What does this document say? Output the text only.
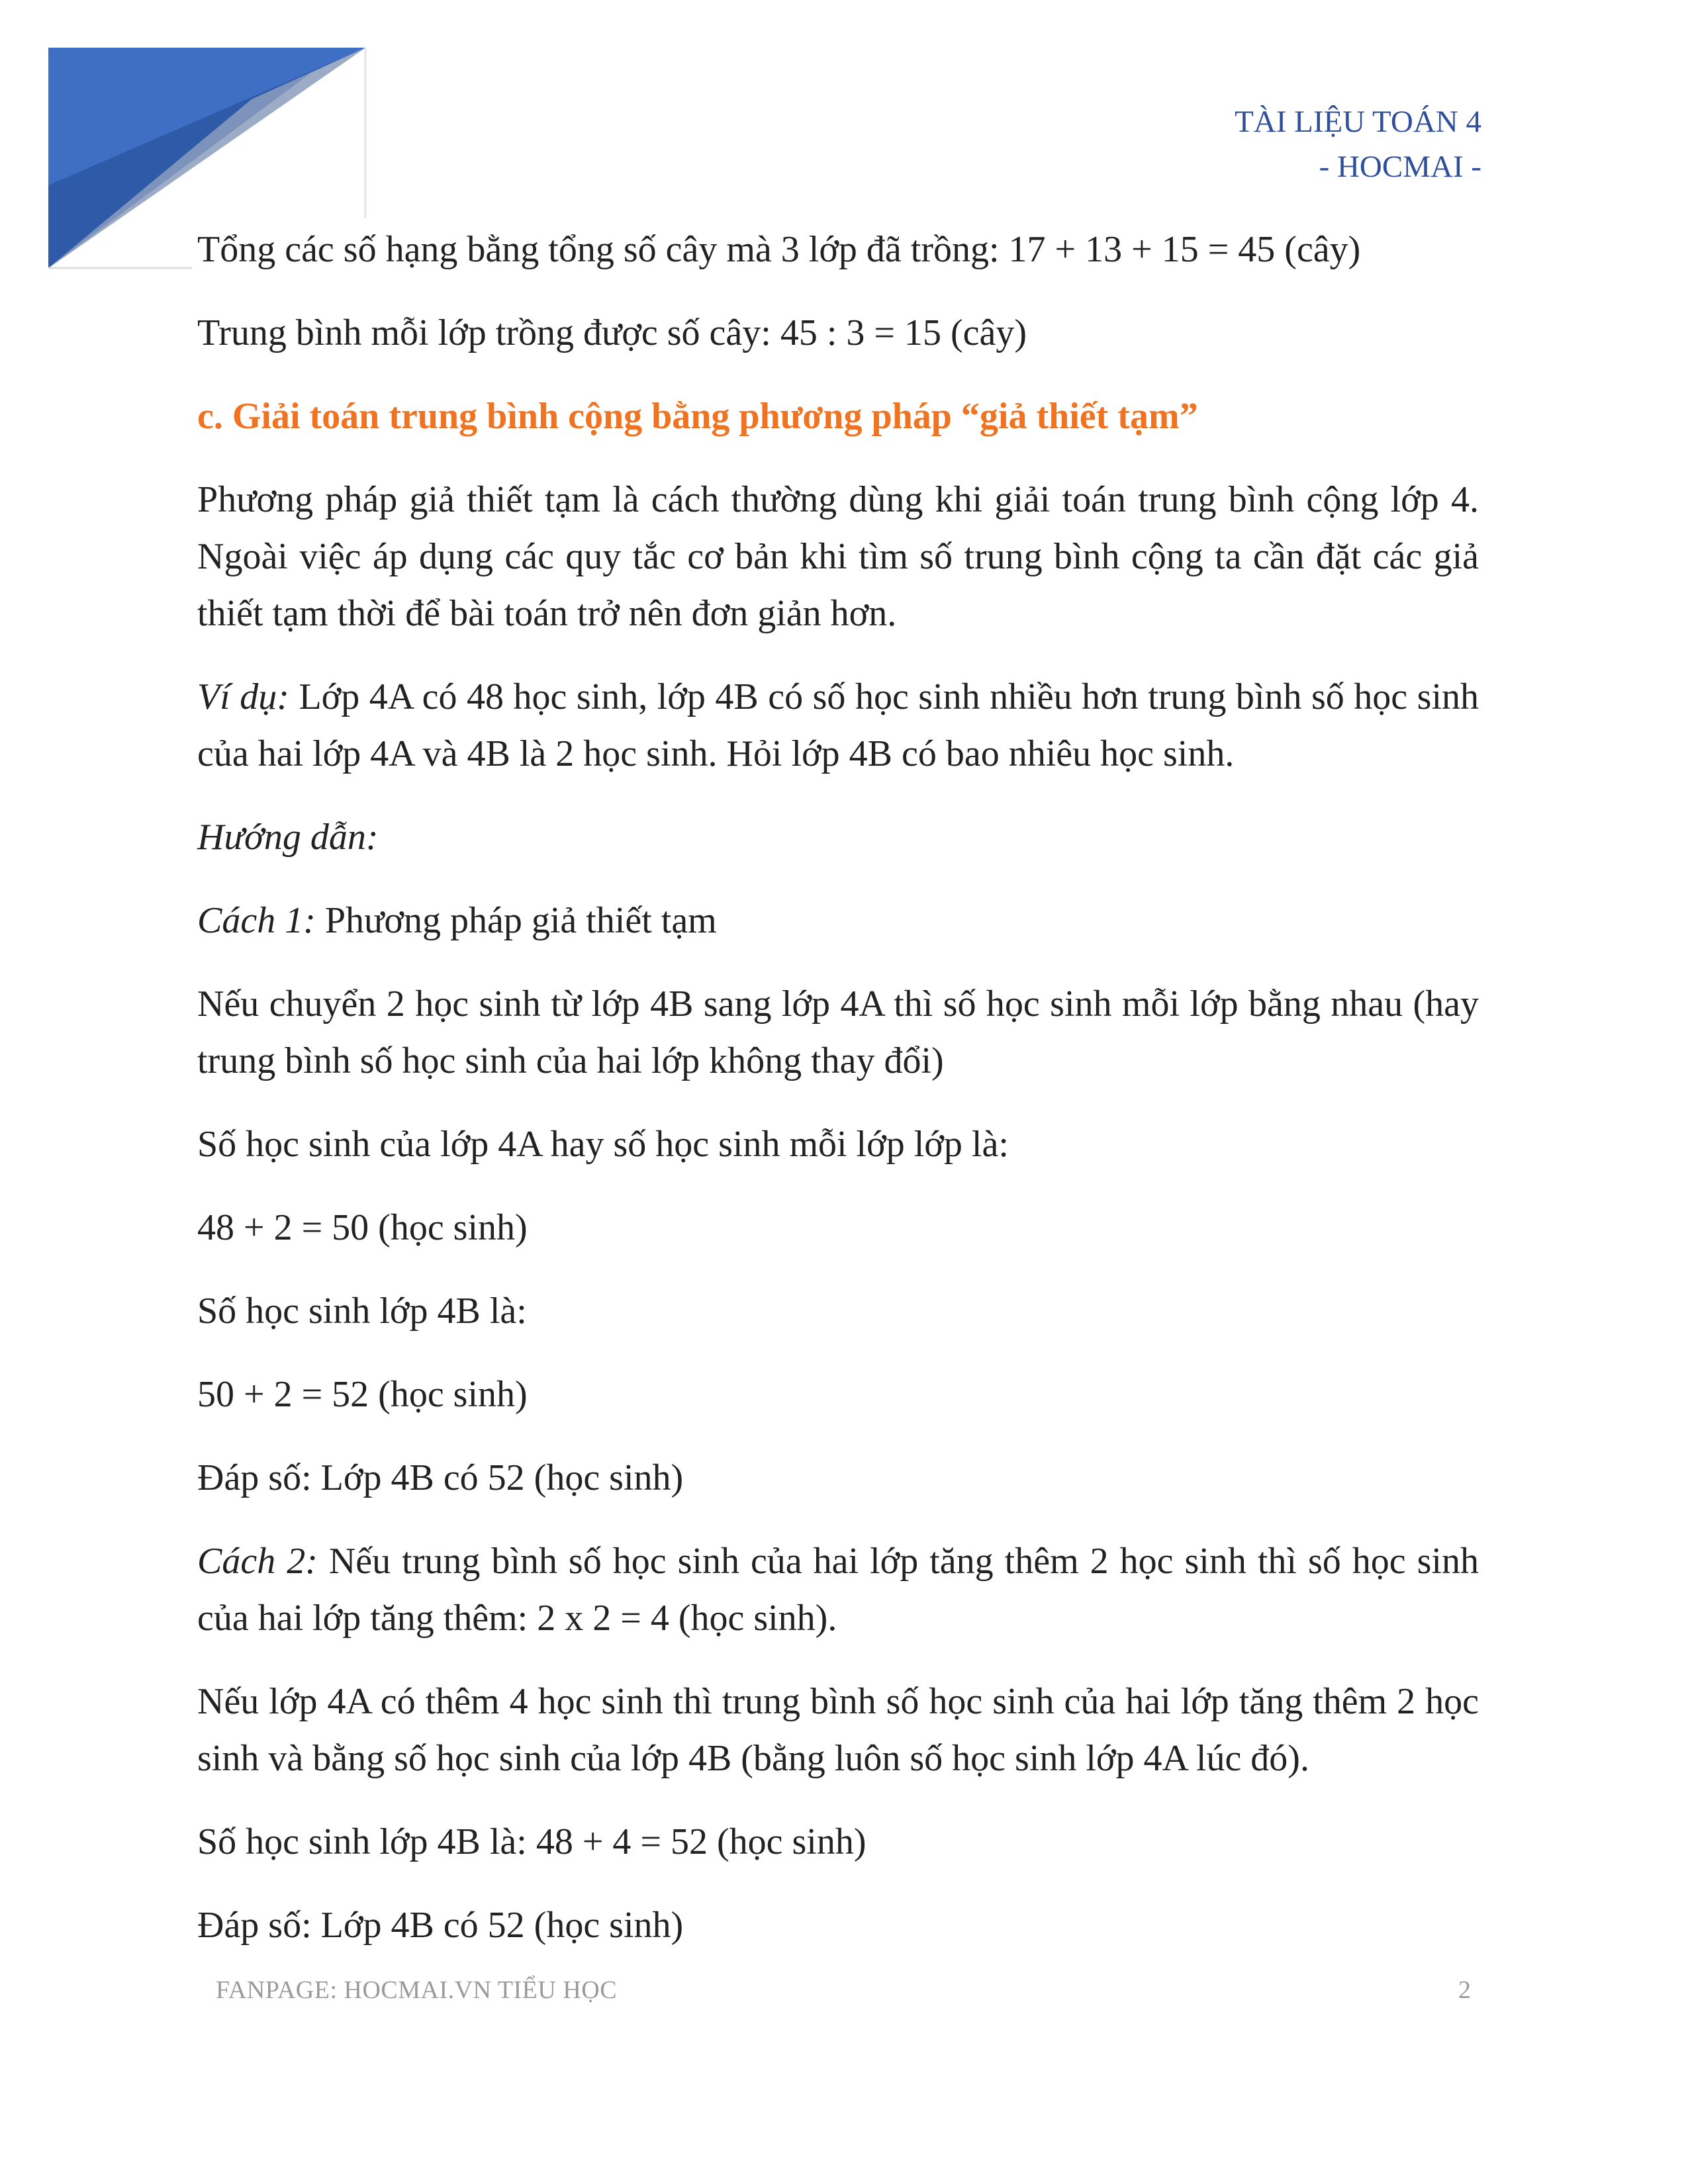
TÀI LIỆU TOÁN 4
- HOCMAI -

Tổng các số hạng bằng tổng số cây mà 3 lớp đã trồng: 17 + 13 + 15 = 45 (cây)

Trung bình mỗi lớp trồng được số cây: 45 : 3 = 15 (cây)

c. Giải toán trung bình cộng bằng phương pháp “giả thiết tạm”

Phương pháp giả thiết tạm là cách thường dùng khi giải toán trung bình cộng lớp 4. Ngoài việc áp dụng các quy tắc cơ bản khi tìm số trung bình cộng ta cần đặt các giả thiết tạm thời để bài toán trở nên đơn giản hơn.

Ví dụ: Lớp 4A có 48 học sinh, lớp 4B có số học sinh nhiều hơn trung bình số học sinh của hai lớp 4A và 4B là 2 học sinh. Hỏi lớp 4B có bao nhiêu học sinh.

Hướng dẫn:

Cách 1: Phương pháp giả thiết tạm

Nếu chuyển 2 học sinh từ lớp 4B sang lớp 4A thì số học sinh mỗi lớp bằng nhau (hay trung bình số học sinh của hai lớp không thay đổi)

Số học sinh của lớp 4A hay số học sinh mỗi lớp lớp là:

48 + 2 = 50 (học sinh)

Số học sinh lớp 4B là:

50 + 2 = 52 (học sinh)

Đáp số: Lớp 4B có 52 (học sinh)

Cách 2: Nếu trung bình số học sinh của hai lớp tăng thêm 2 học sinh thì số học sinh của hai lớp tăng thêm: 2 x 2 = 4 (học sinh).

Nếu lớp 4A có thêm 4 học sinh thì trung bình số học sinh của hai lớp tăng thêm 2 học sinh và bằng số học sinh của lớp 4B (bằng luôn số học sinh lớp 4A lúc đó).

Số học sinh lớp 4B là: 48 + 4 = 52 (học sinh)

Đáp số: Lớp 4B có 52 (học sinh)

FANPAGE: HOCMAI.VN TIỂU HỌC	2
